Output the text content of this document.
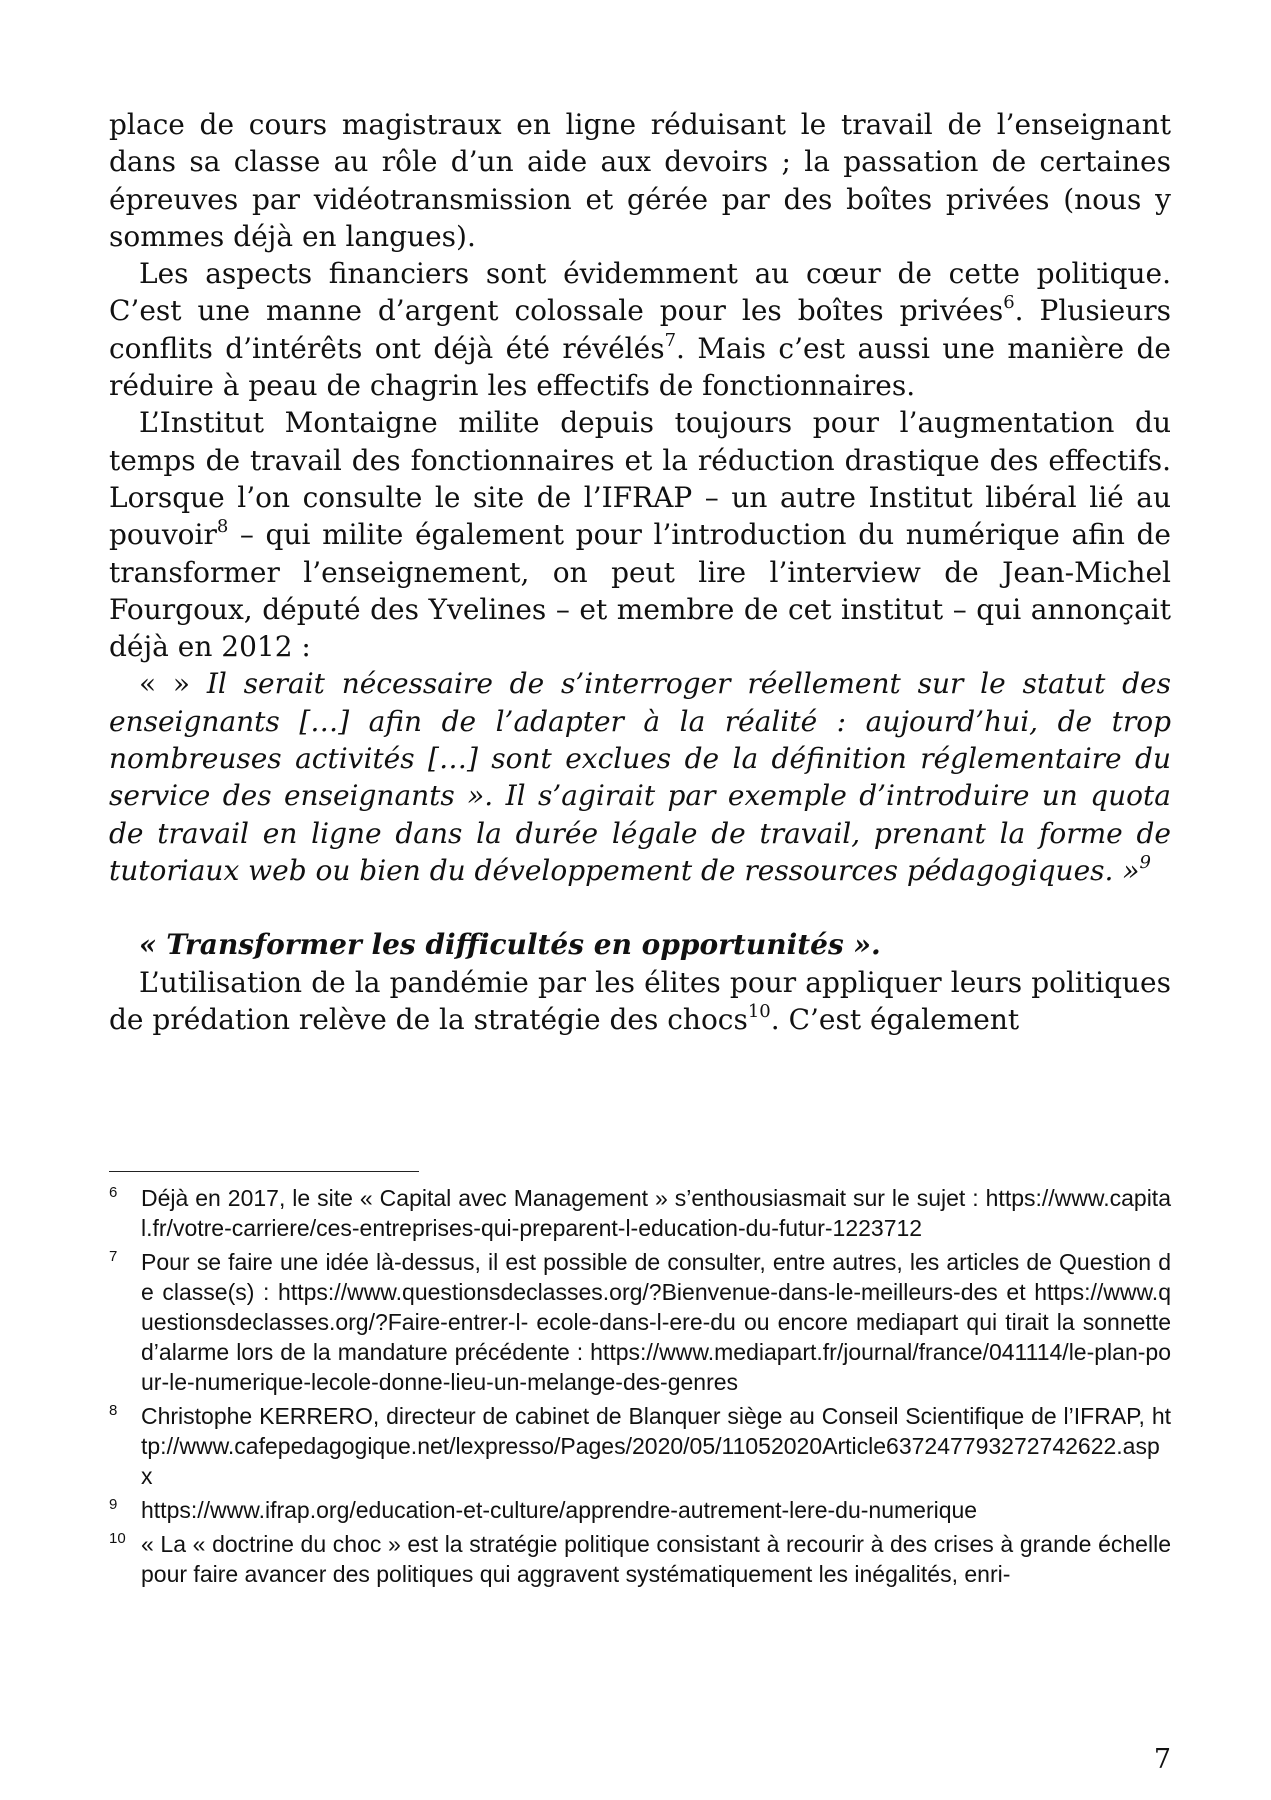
place de cours magistraux en ligne réduisant le travail de l’enseignant dans sa classe au rôle d’un aide aux devoirs ; la passation de certaines épreuves par vidéotransmission et gérée par des boîtes privées (nous y sommes déjà en langues).

Les aspects financiers sont évidemment au cœur de cette politique. C’est une manne d’argent colossale pour les boîtes privées$^6$. Plusieurs conflits d’intérêts ont déjà été révélés$^7$. Mais c’est aussi une manière de réduire à peau de chagrin les effectifs de fonctionnaires.

L’Institut Montaigne milite depuis toujours pour l’augmentation du temps de travail des fonctionnaires et la réduction drastique des effectifs. Lorsque l’on consulte le site de l’IFRAP – un autre Institut libéral lié au pouvoir$^8$ – qui milite également pour l’introduction du numérique afin de transformer l’enseignement, on peut lire l’interview de Jean-Michel Fourgoux, député des Yvelines – et membre de cet institut – qui annonçait déjà en 2012 :

« » Il serait nécessaire de s’interroger réellement sur le statut des enseignants […] afin de l’adapter à la réalité : aujourd’hui, de trop nombreuses activités […] sont exclues de la définition réglementaire du service des enseignants ». Il s’agirait par exemple d’introduire un quota de travail en ligne dans la durée légale de travail, prenant la forme de tutoriaux web ou bien du développement de ressources pédagogiques. »$^9$

« Transformer les difficultés en opportunités ».

L’utilisation de la pandémie par les élites pour appliquer leurs politiques de prédation relève de la stratégie des chocs$^{10}$. C’est également

6 Déjà en 2017, le site « Capital avec Management » s’enthousiasmait sur le sujet : https://www.capital.fr/votre-carriere/ces-entreprises-qui-preparent-l-education-du-futur-1223712
7 Pour se faire une idée là-dessus, il est possible de consulter, entre autres, les articles de Question de classe(s) : https://www.questionsdeclasses.org/?Bienvenue-dans-le-meilleurs-des et https://www.questionsdeclasses.org/?Faire-entrer-l- ecole-dans-l-ere-du ou encore mediapart qui tirait la sonnette d’alarme lors de la mandature précédente : https://www.mediapart.fr/journal/france/041114/le-plan-pour-le-numerique-lecole-donne-lieu-un-melange-des-genres
8 Christophe KERRERO, directeur de cabinet de Blanquer siège au Conseil Scientifique de l’IFRAP, http://www.cafepedagogique.net/lexpresso/Pages/2020/05/11052020Article637247793272742622.aspx
9 https://www.ifrap.org/education-et-culture/apprendre-autrement-lere-du-numerique
10 « La « doctrine du choc » est la stratégie politique consistant à recourir à des crises à grande échelle pour faire avancer des politiques qui aggravent systématiquement les inégalités, enri-
7
